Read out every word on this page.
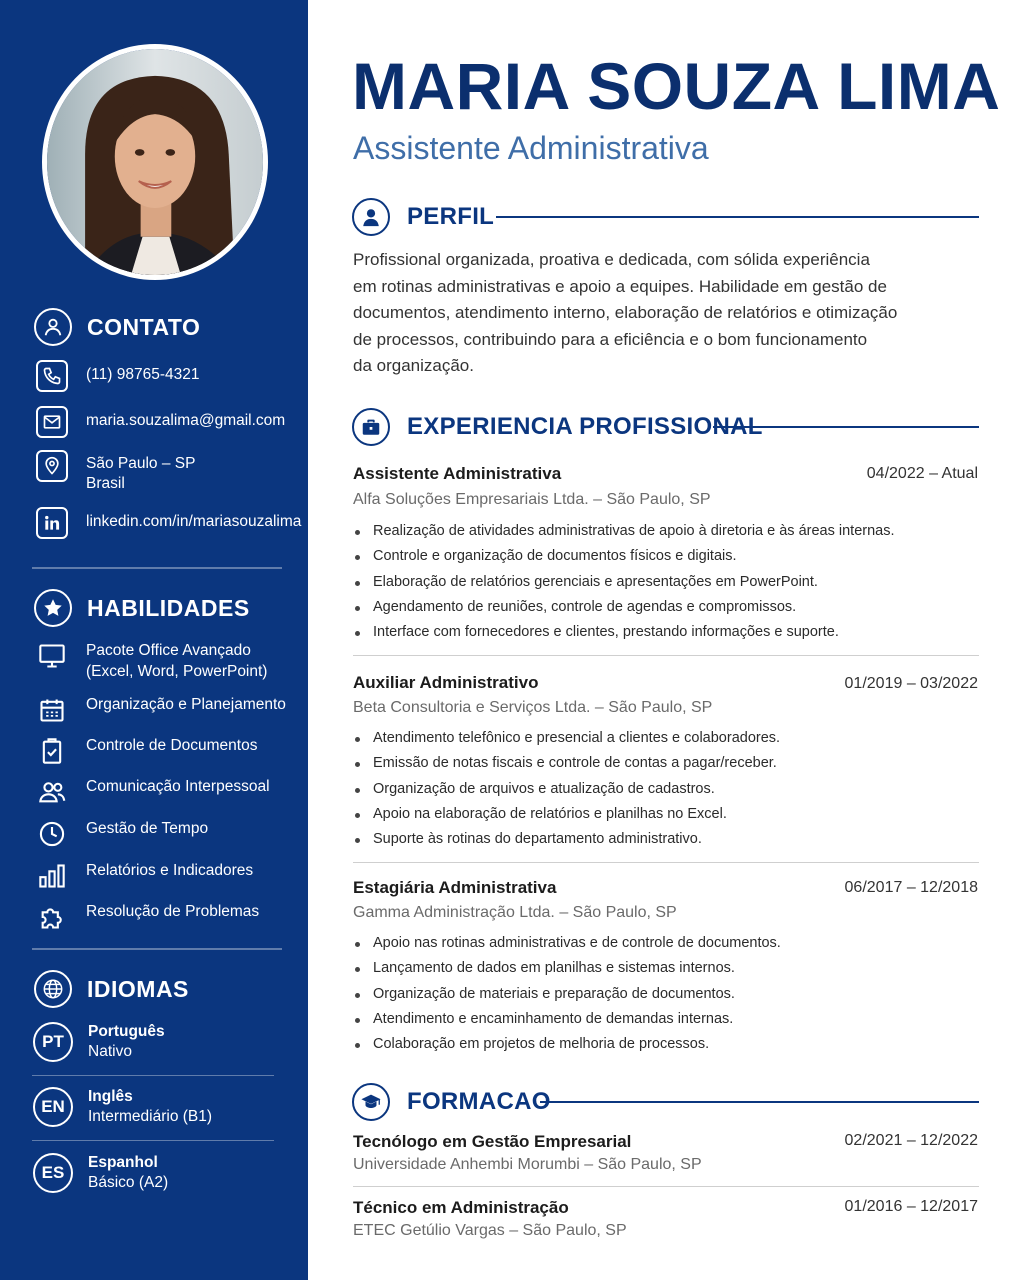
CONTATO
(11) 98765-4321
maria.souzalima@gmail.com
São Paulo – SP
Brasil
linkedin.com/in/mariasouzalima
HABILIDADES
Pacote Office Avançado
(Excel, Word, PowerPoint)
Organização e Planejamento
Controle de Documentos
Comunicação Interpessoal
Gestão de Tempo
Relatórios e Indicadores
Resolução de Problemas
IDIOMAS
PT
Português
Nativo
EN
Inglês
Intermediário (B1)
ES
Espanhol
Básico (A2)
MARIA SOUZA LIMA
Assistente Administrativa
PERFIL
Profissional organizada, proativa e dedicada, com sólida experiência
em rotinas administrativas e apoio a equipes. Habilidade em gestão de
documentos, atendimento interno, elaboração de relatórios e otimização
de processos, contribuindo para a eficiência e o bom funcionamento
da organização.
EXPERIENCIA PROFISSIONAL
Assistente Administrativa	04/2022 – Atual
Alfa Soluções Empresariais Ltda. – São Paulo, SP
Realização de atividades administrativas de apoio à diretoria e às áreas internas.
Controle e organização de documentos físicos e digitais.
Elaboração de relatórios gerenciais e apresentações em PowerPoint.
Agendamento de reuniões, controle de agendas e compromissos.
Interface com fornecedores e clientes, prestando informações e suporte.
Auxiliar Administrativo	01/2019 – 03/2022
Beta Consultoria e Serviços Ltda. – São Paulo, SP
Atendimento telefônico e presencial a clientes e colaboradores.
Emissão de notas fiscais e controle de contas a pagar/receber.
Organização de arquivos e atualização de cadastros.
Apoio na elaboração de relatórios e planilhas no Excel.
Suporte às rotinas do departamento administrativo.
Estagiária Administrativa	06/2017 – 12/2018
Gamma Administração Ltda. – São Paulo, SP
Apoio nas rotinas administrativas e de controle de documentos.
Lançamento de dados em planilhas e sistemas internos.
Organização de materiais e preparação de documentos.
Atendimento e encaminhamento de demandas internas.
Colaboração em projetos de melhoria de processos.
FORMACAO
Tecnólogo em Gestão Empresarial	02/2021 – 12/2022
Universidade Anhembi Morumbi – São Paulo, SP
Técnico em Administração	01/2016 – 12/2017
ETEC Getúlio Vargas – São Paulo, SP
